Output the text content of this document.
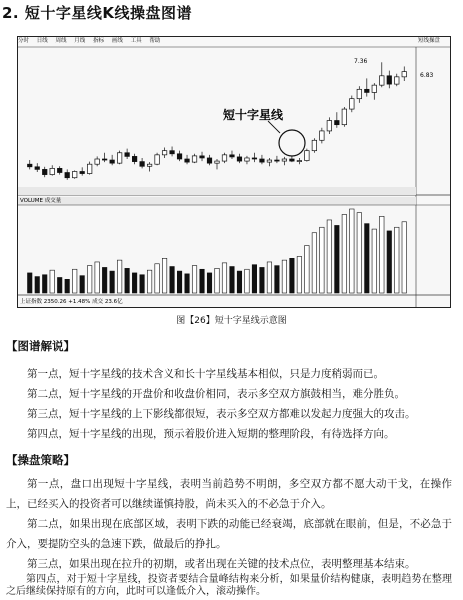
2. 短十字星线K线操盘图谱
分时 日线 周线 月线 指标 画线 工具 帮助	短线操盘
短十字星线
7.36
6.83
VOLUME 成交量
上证指数 2350.26 +1.48% 成交 23.6亿
图【26】短十字星线示意图
【图谱解说】
第一点，短十字星线的技术含义和长十字星线基本相似，只是力度稍弱而已。
第二点，短十字星线的开盘价和收盘价相同，表示多空双方旗鼓相当，难分胜负。
第三点，短十字星线的上下影线都很短，表示多空双方都难以发起力度强大的攻击。
第四点，短十字星线的出现，预示着股价进入短期的整理阶段，有待选择方向。
【操盘策略】
第一点，盘口出现短十字星线，表明当前趋势不明朗，多空双方都不愿大动干戈，在操作上，已经买入的投资者可以继续谨慎持股，尚未买入的不必急于介入。
第二点，如果出现在底部区域，表明下跌的动能已经衰竭，底部就在眼前，但是，不必急于介入，要提防空头的急速下跌，做最后的挣扎。
第三点，如果出现在拉升的初期，或者出现在关键的技术点位，表明整理基本结束。
第四点，对于短十字星线，投资者要结合量峰结构来分析，如果量价结构健康，表明趋势在整理之后继续保持原有的方向，此时可以逢低介入，滚动操作。
